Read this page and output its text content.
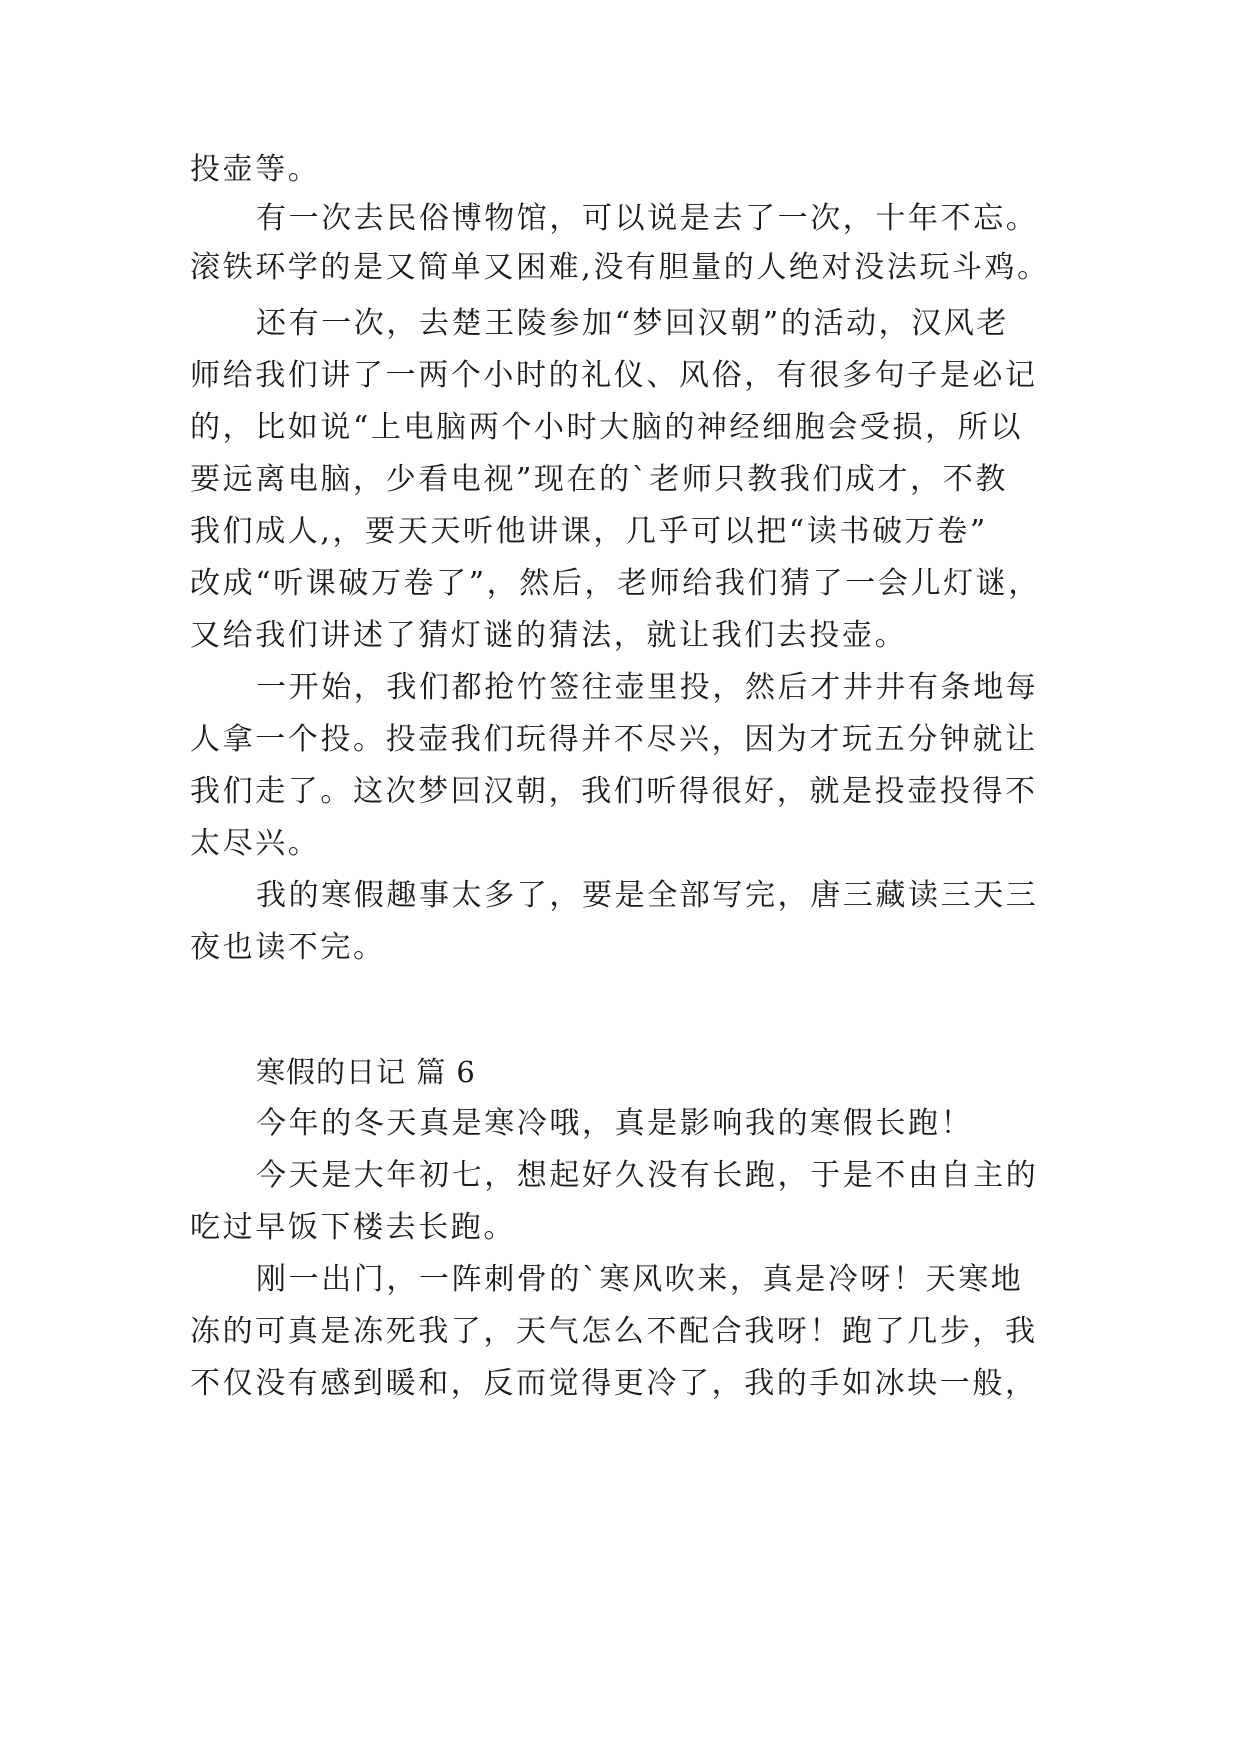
投壶等。
有一次去民俗博物馆，可以说是去了一次，十年不忘。
滚铁环学的是又简单又困难,没有胆量的人绝对没法玩斗鸡。
还有一次，去楚王陵参加“梦回汉朝”的活动，汉风老
师给我们讲了一两个小时的礼仪、风俗，有很多句子是必记
的，比如说“上电脑两个小时大脑的神经细胞会受损，所以
要远离电脑，少看电视”现在的`老师只教我们成才，不教
我们成人,，要天天听他讲课，几乎可以把“读书破万卷”
改成“听课破万卷了”，然后，老师给我们猜了一会儿灯谜，
又给我们讲述了猜灯谜的猜法，就让我们去投壶。
一开始，我们都抢竹签往壶里投，然后才井井有条地每
人拿一个投。投壶我们玩得并不尽兴，因为才玩五分钟就让
我们走了。这次梦回汉朝，我们听得很好，就是投壶投得不
太尽兴。
我的寒假趣事太多了，要是全部写完，唐三藏读三天三
夜也读不完。
寒假的日记 篇 6
今年的冬天真是寒冷哦，真是影响我的寒假长跑！
今天是大年初七，想起好久没有长跑，于是不由自主的
吃过早饭下楼去长跑。
刚一出门，一阵刺骨的`寒风吹来，真是冷呀！天寒地
冻的可真是冻死我了，天气怎么不配合我呀！跑了几步，我
不仅没有感到暖和，反而觉得更冷了，我的手如冰块一般，
